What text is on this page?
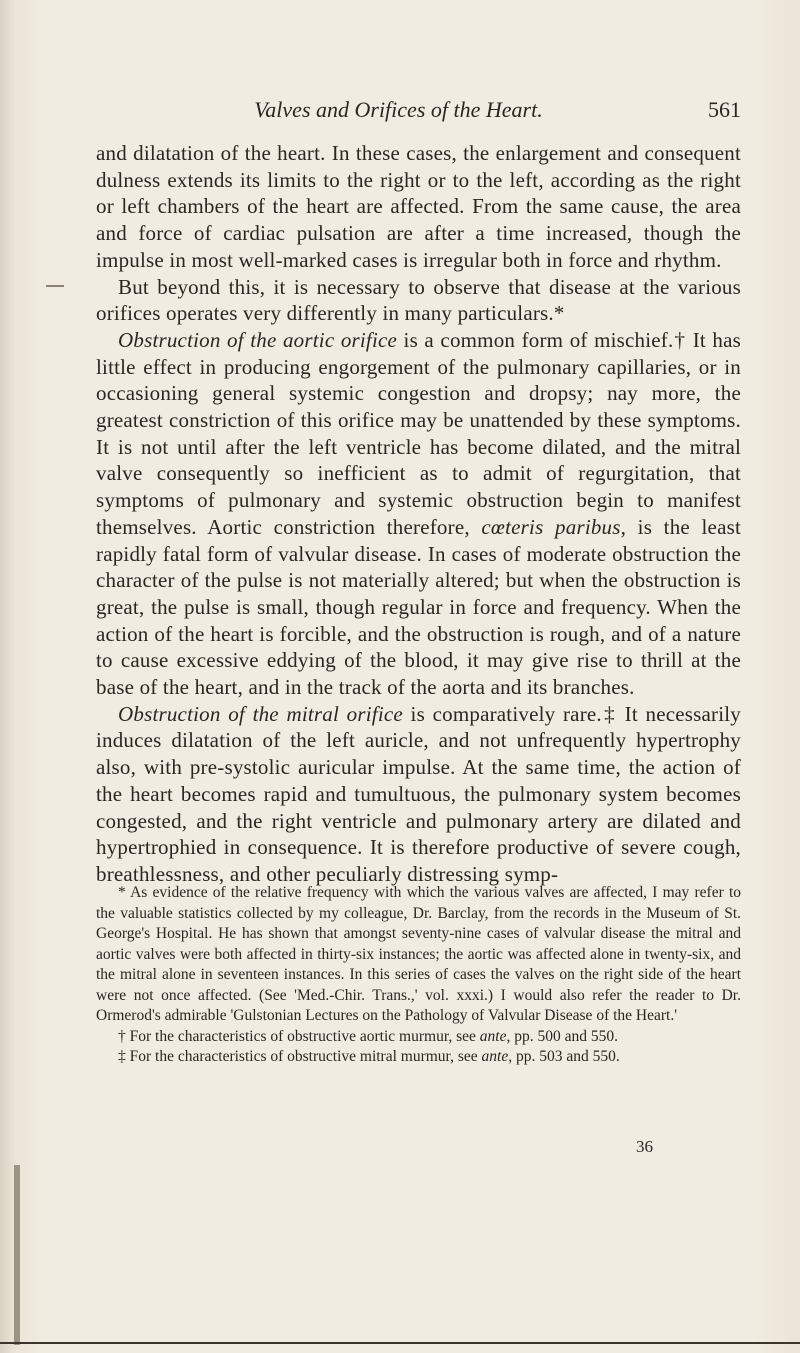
Valves and Orifices of the Heart.	561

and dilatation of the heart. In these cases, the enlargement and consequent dulness extends its limits to the right or to the left, according as the right or left chambers of the heart are affected. From the same cause, the area and force of cardiac pulsation are after a time increased, though the impulse in most well-marked cases is irregular both in force and rhythm.

But beyond this, it is necessary to observe that disease at the various orifices operates very differently in many particulars.*

Obstruction of the aortic orifice is a common form of mischief.† It has little effect in producing engorgement of the pulmonary capillaries, or in occasioning general systemic congestion and dropsy; nay more, the greatest constriction of this orifice may be unattended by these symptoms. It is not until after the left ventricle has become dilated, and the mitral valve consequently so inefficient as to admit of regurgitation, that symptoms of pulmonary and systemic obstruction begin to manifest themselves. Aortic constriction therefore, cœteris paribus, is the least rapidly fatal form of valvular disease. In cases of moderate obstruction the character of the pulse is not materially altered; but when the obstruction is great, the pulse is small, though regular in force and frequency. When the action of the heart is forcible, and the obstruction is rough, and of a nature to cause excessive eddying of the blood, it may give rise to thrill at the base of the heart, and in the track of the aorta and its branches.

Obstruction of the mitral orifice is comparatively rare.‡ It necessarily induces dilatation of the left auricle, and not unfrequently hypertrophy also, with pre-systolic auricular impulse. At the same time, the action of the heart becomes rapid and tumultuous, the pulmonary system becomes congested, and the right ventricle and pulmonary artery are dilated and hypertrophied in consequence. It is therefore productive of severe cough, breathlessness, and other peculiarly distressing symp-

* As evidence of the relative frequency with which the various valves are affected, I may refer to the valuable statistics collected by my colleague, Dr. Barclay, from the records in the Museum of St. George's Hospital. He has shown that amongst seventy-nine cases of valvular disease the mitral and aortic valves were both affected in thirty-six instances; the aortic was affected alone in twenty-six, and the mitral alone in seventeen instances. In this series of cases the valves on the right side of the heart were not once affected. (See 'Med.-Chir. Trans.,' vol. xxxi.) I would also refer the reader to Dr. Ormerod's admirable 'Gulstonian Lectures on the Pathology of Valvular Disease of the Heart.'

† For the characteristics of obstructive aortic murmur, see ante, pp. 500 and 550.

‡ For the characteristics of obstructive mitral murmur, see ante, pp. 503 and 550.

36
